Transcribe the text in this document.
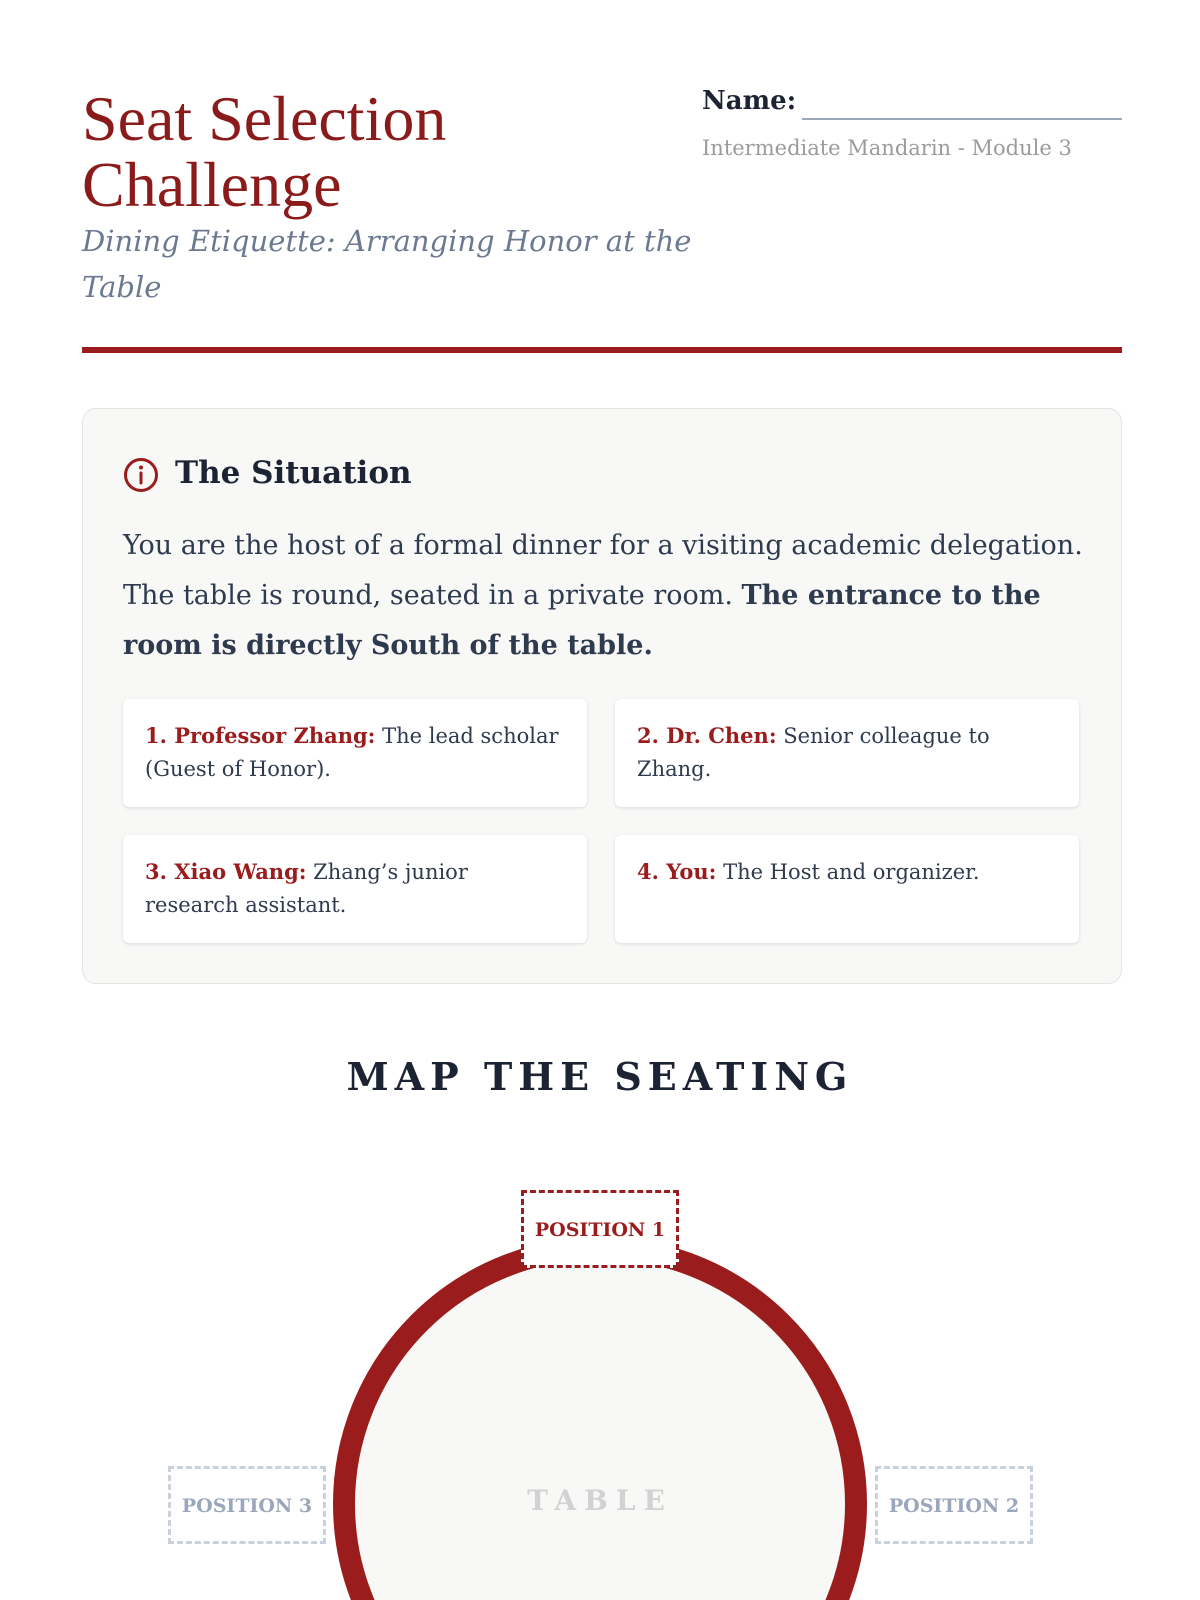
Seat Selection Challenge
Dining Etiquette: Arranging Honor at the Table
Name:
Intermediate Mandarin - Module 3
The Situation

You are the host of a formal dinner for a visiting academic delegation. The table is round, seated in a private room. The entrance to the room is directly South of the table.

1. Professor Zhang: The lead scholar (Guest of Honor).
2. Dr. Chen: Senior colleague to Zhang.
3. Xiao Wang: Zhang’s junior research assistant.
4. You: The Host and organizer.
MAP THE SEATING
TABLE
POSITION 1
POSITION 2
POSITION 3
